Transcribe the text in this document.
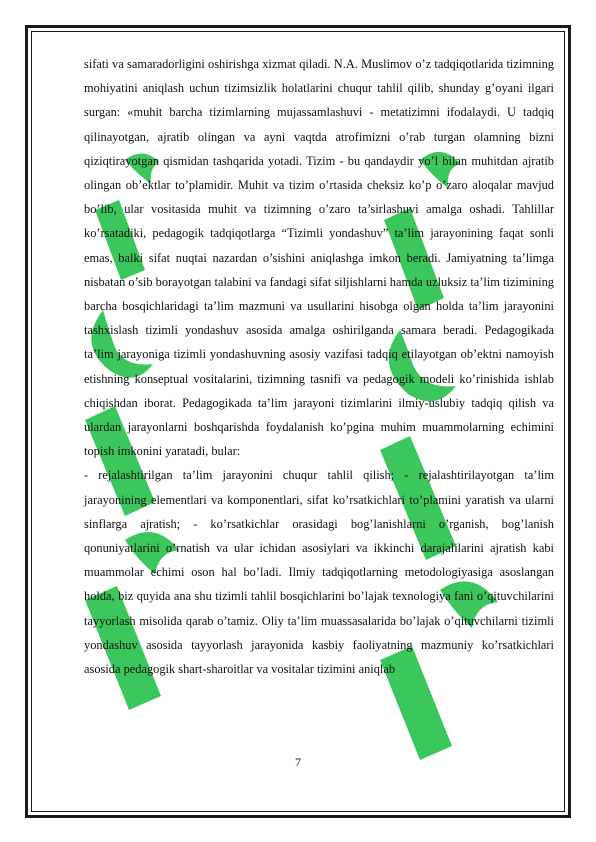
sifati va samaradorligini oshirishga xizmat qiladi. N.A. Muslimov o’z tadqiqotlarida tizimning mohiyatini aniqlash uchun tizimsizlik holatlarini chuqur tahlil qilib, shunday g’oyani ilgari surgan: «muhit barcha tizimlarning mujassamlashuvi - metatizimni ifodalaydi. U tadqiq qilinayotgan, ajratib olingan va ayni vaqtda atrofimizni o’rab turgan olamning bizni qiziqtirayotgan qismidan tashqarida yotadi. Tizim - bu qandaydir yo’l bilan muhitdan ajratib olingan ob’ektlar to’plamidir. Muhit va tizim o’rtasida cheksiz ko’p o’zaro aloqalar mavjud bo’lib, ular vositasida muhit va tizimning o’zaro ta’sirlashuvi amalga oshadi. Tahlillar ko’rsatadiki, pedagogik tadqiqotlarga “Tizimli yondashuv” ta’lim jarayonining faqat sonli emas, balki sifat nuqtai nazardan o’sishini aniqlashga imkon beradi. Jamiyatning ta’limga nisbatan o’sib borayotgan talabini va fandagi sifat siljishlarni hamda uzluksiz ta’lim tizimining barcha bosqichlaridagi ta’lim mazmuni va usullarini hisobga olgan holda ta’lim jarayonini tashxislash tizimli yondashuv asosida amalga oshirilganda samara beradi. Pedagogikada ta’lim jarayoniga tizimli yondashuvning asosiy vazifasi tadqiq etilayotgan ob’ektni namoyish etishning konseptual vositalarini, tizimning tasnifi va pedagogik modeli ko’rinishida ishlab chiqishdan iborat. Pedagogikada ta’lim jarayoni tizimlarini ilmiy-uslubiy tadqiq qilish va ulardan jarayonlarni boshqarishda foydalanish ko’pgina muhim muammolarning echimini topish imkonini yaratadi, bular:

- rejalashtirilgan ta’lim jarayonini chuqur tahlil qilish; - rejalashtirilayotgan ta’lim jarayonining elementlari va komponentlari, sifat ko’rsatkichlari to’plamini yaratish va ularni sinflarga ajratish; - ko’rsatkichlar orasidagi bog’lanishlarni o’rganish, bog’lanish qonuniyatlarini o’rnatish va ular ichidan asosiylari va ikkinchi darajalilarini ajratish kabi muammolar echimi oson hal bo’ladi. Ilmiy tadqiqotlarning metodologiyasiga asoslangan holda, biz quyida ana shu tizimli tahlil bosqichlarini bo’lajak texnologiya fani o’qituvchilarini tayyorlash misolida qarab o’tamiz. Oliy ta’lim muassasalarida bo’lajak o’qituvchilarni tizimli yondashuv asosida tayyorlash jarayonida kasbiy faoliyatning mazmuniy ko’rsatkichlari asosida pedagogik shart-sharoitlar va vositalar tizimini aniqlab

7
